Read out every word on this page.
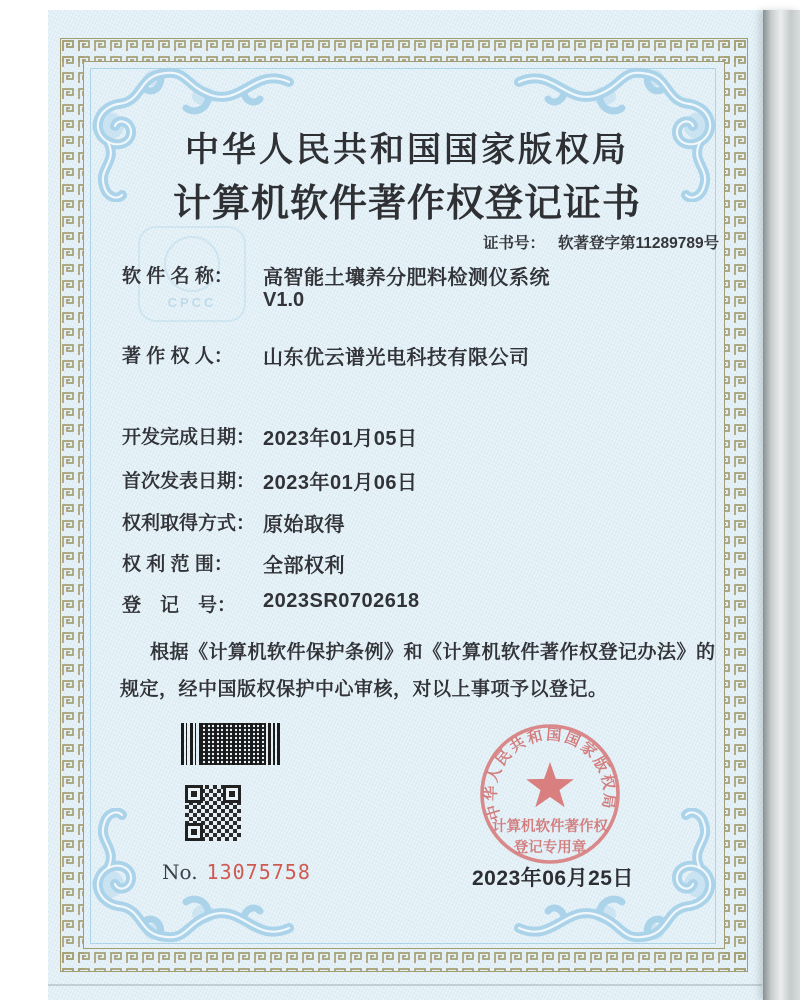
CPCC
中华人民共和国国家版权局
计算机软件著作权登记证书
证书号： 软著登字第11289789号
软 件 名 称： 高智能土壤养分肥料检测仪系统
V1.0
著 作 权 人： 山东优云谱光电科技有限公司
开发完成日期： 2023年01月05日
首次发表日期： 2023年01月06日
权利取得方式： 原始取得
权 利 范 围： 全部权利
登　记　号： 2023SR0702618
根据《计算机软件保护条例》和《计算机软件著作权登记办法》的
规定，经中国版权保护中心审核，对以上事项予以登记。
No. 13075758
中华人民共和国国家版权局
计算机软件著作权
登记专用章
2023年06月25日
